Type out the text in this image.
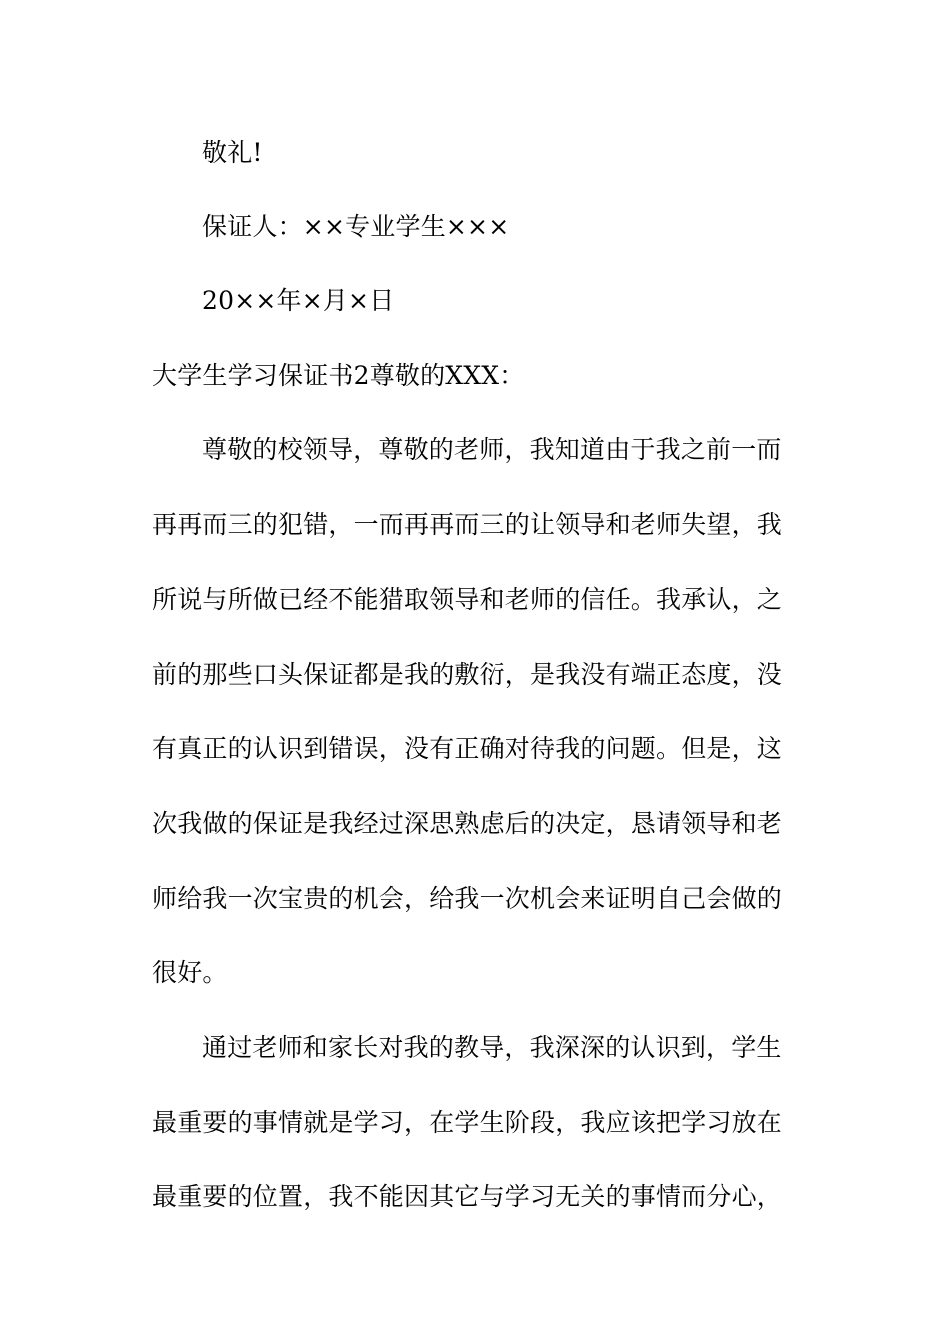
敬礼!
保证人：××专业学生×××
20××年×月×日
大学生学习保证书2尊敬的XXX：
尊敬的校领导，尊敬的老师，我知道由于我之前一而
再再而三的犯错，一而再再而三的让领导和老师失望，我
所说与所做已经不能猎取领导和老师的信任。我承认，之
前的那些口头保证都是我的敷衍，是我没有端正态度，没
有真正的认识到错误，没有正确对待我的问题。但是，这
次我做的保证是我经过深思熟虑后的决定，恳请领导和老
师给我一次宝贵的机会，给我一次机会来证明自己会做的
很好。
通过老师和家长对我的教导，我深深的认识到，学生
最重要的事情就是学习，在学生阶段，我应该把学习放在
最重要的位置，我不能因其它与学习无关的事情而分心，
